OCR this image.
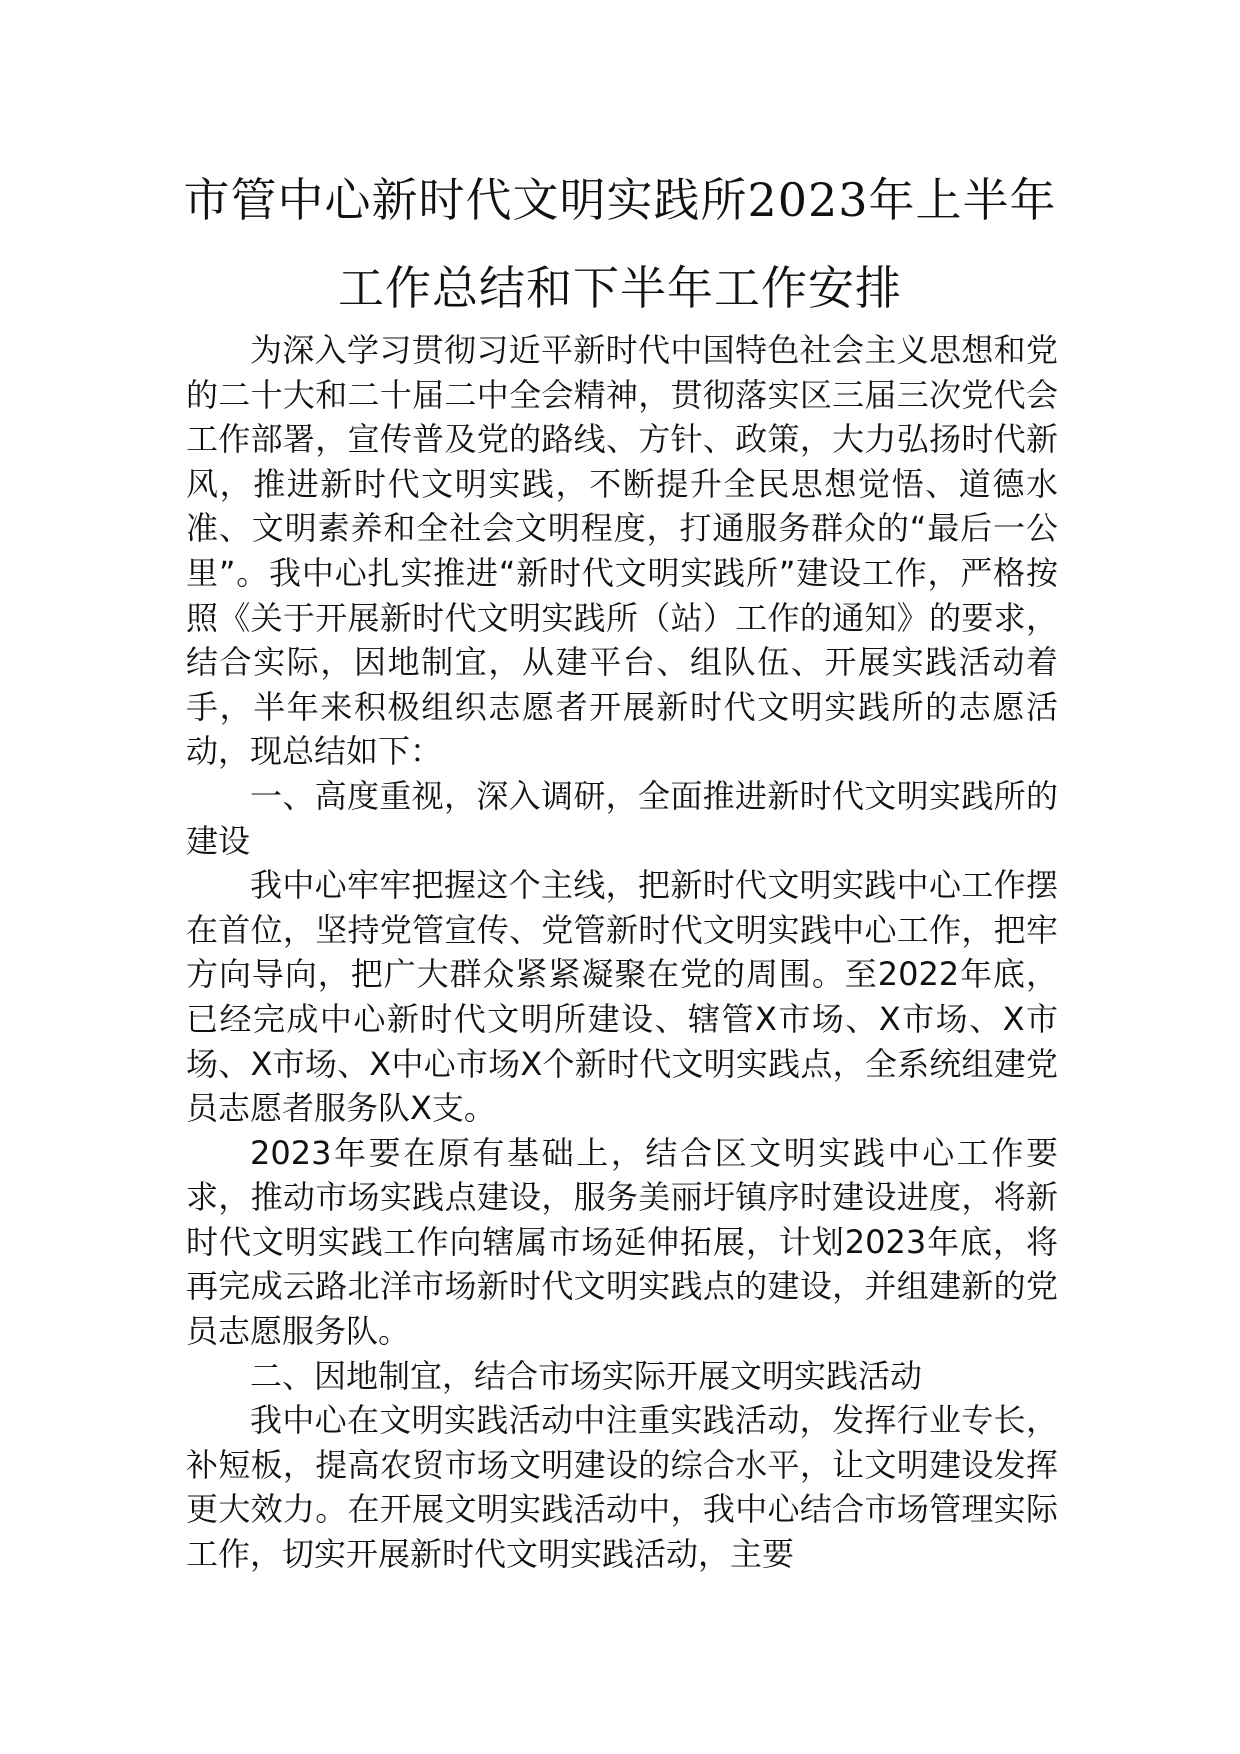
市管中心新时代文明实践所2023年上半年
工作总结和下半年工作安排

为深入学习贯彻习近平新时代中国特色社会主义思想和党的二十大和二十届二中全会精神，贯彻落实区三届三次党代会工作部署，宣传普及党的路线、方针、政策，大力弘扬时代新风，推进新时代文明实践，不断提升全民思想觉悟、道德水准、文明素养和全社会文明程度，打通服务群众的“最后一公里”。我中心扎实推进“新时代文明实践所”建设工作，严格按照《关于开展新时代文明实践所（站）工作的通知》的要求，结合实际，因地制宜，从建平台、组队伍、开展实践活动着手，半年来积极组织志愿者开展新时代文明实践所的志愿活动，现总结如下：

一、高度重视，深入调研，全面推进新时代文明实践所的建设

我中心牢牢把握这个主线，把新时代文明实践中心工作摆在首位，坚持党管宣传、党管新时代文明实践中心工作，把牢方向导向，把广大群众紧紧凝聚在党的周围。至2022年底，已经完成中心新时代文明所建设、辖管X市场、X市场、X市场、X市场、X中心市场X个新时代文明实践点，全系统组建党员志愿者服务队X支。

2023年要在原有基础上，结合区文明实践中心工作要求，推动市场实践点建设，服务美丽圩镇序时建设进度，将新时代文明实践工作向辖属市场延伸拓展，计划2023年底，将再完成云路北洋市场新时代文明实践点的建设，并组建新的党员志愿服务队。

二、因地制宜，结合市场实际开展文明实践活动

我中心在文明实践活动中注重实践活动，发挥行业专长，补短板，提高农贸市场文明建设的综合水平，让文明建设发挥更大效力。在开展文明实践活动中，我中心结合市场管理实际工作，切实开展新时代文明实践活动，主要
